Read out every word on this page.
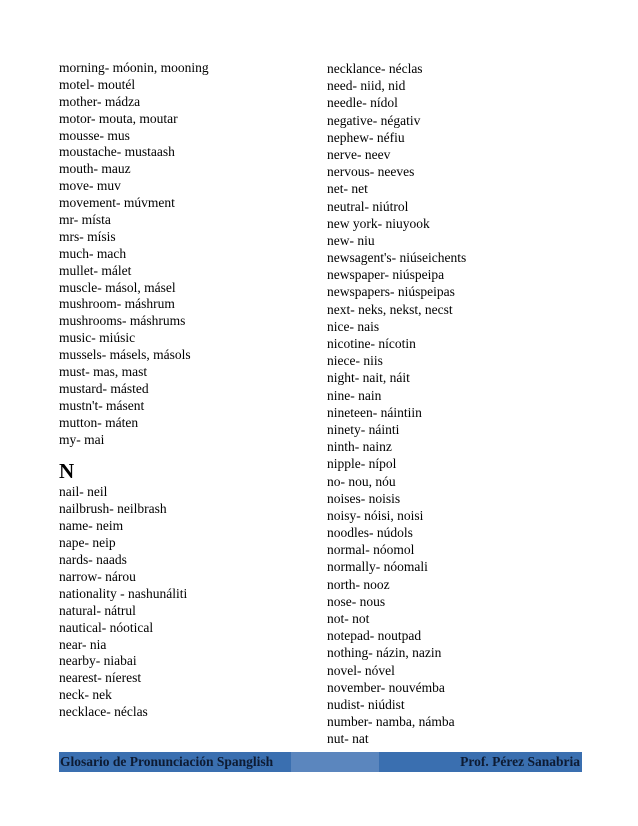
morning- móonin, mooning
motel- moutél
mother- mádza
motor- mouta, moutar
mousse- mus
moustache- mustaash
mouth- mauz
move- muv
movement- múvment
mr- místa
mrs- mísis
much- mach
mullet- málet
muscle- másol, másel
mushroom- máshrum
mushrooms- máshrums
music- miúsic
mussels- másels, másols
must- mas, mast
mustard- másted
mustn't- másent
mutton- máten
my- mai
N
nail- neil
nailbrush- neilbrash
name- neim
nape- neip
nards- naads
narrow- nárou
nationality - nashunáliti
natural- nátrul
nautical- nóotical
near- nia
nearby- niabai
nearest- níerest
neck- nek
necklace- néclas
necklance- néclas
need- niid, nid
needle- nídol
negative- négativ
nephew- néfiu
nerve- neev
nervous- neeves
net- net
neutral- niútrol
new york- niuyook
new- niu
newsagent's- niúseichents
newspaper- niúspeipa
newspapers- niúspeipas
next- neks, nekst, necst
nice- nais
nicotine- nícotin
niece- niis
night- nait, náit
nine- nain
nineteen- náintiin
ninety- náinti
ninth- nainz
nipple- nípol
no- nou, nóu
noises- noisis
noisy- nóisi, noisi
noodles- núdols
normal- nóomol
normally- nóomali
north- nooz
nose- nous
not- not
notepad- noutpad
nothing- názin, nazin
novel- nóvel
november- nouvémba
nudist- niúdist
number- namba, námba
nut- nat
Glosario de Pronunciación Spanglish	Prof. Pérez Sanabria
